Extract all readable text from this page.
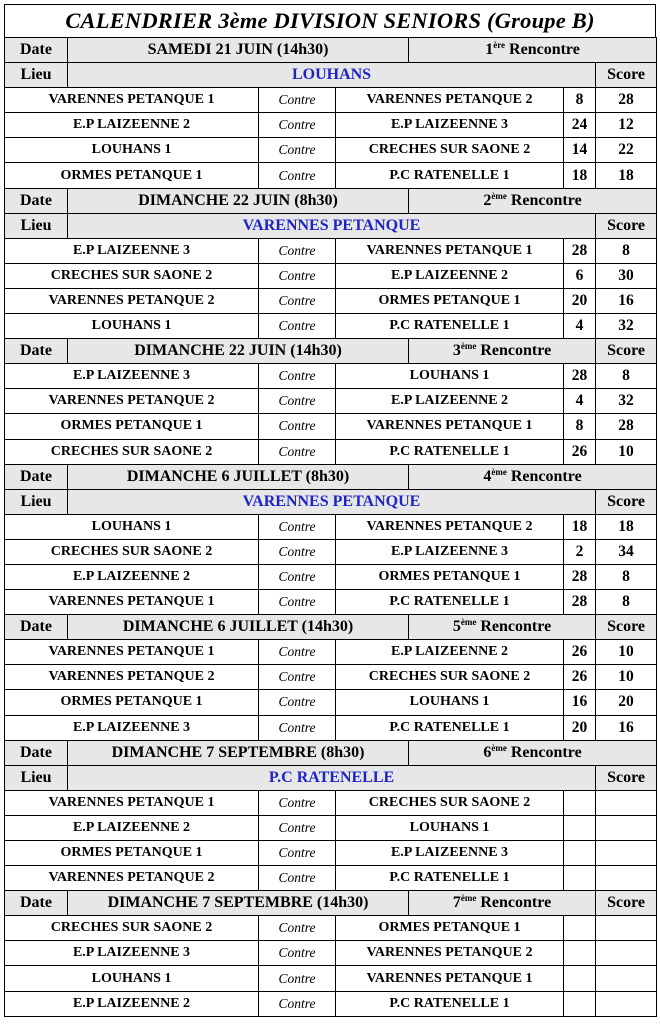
CALENDRIER 3ème DIVISION SENIORS (Groupe B)
Date	SAMEDI 21 JUIN (14h30)			1ère Rencontre		
Lieu	LOUHANS					Score
VARENNES PETANQUE 1		Contre	VARENNES PETANQUE 2		8	28
E.P LAIZEENNE 2		Contre	E.P LAIZEENNE 3		24	12
LOUHANS 1		Contre	CRECHES SUR SAONE 2		14	22
ORMES PETANQUE 1		Contre	P.C RATENELLE 1		18	18
Date	DIMANCHE 22 JUIN (8h30)			2ème Rencontre		
Lieu	VARENNES PETANQUE					Score
E.P LAIZEENNE 3		Contre	VARENNES PETANQUE 1		28	8
CRECHES SUR SAONE 2		Contre	E.P LAIZEENNE 2		6	30
VARENNES PETANQUE 2		Contre	ORMES PETANQUE 1		20	16
LOUHANS 1		Contre	P.C RATENELLE 1		4	32
Date	DIMANCHE 22 JUIN (14h30)			3ème Rencontre		Score
E.P LAIZEENNE 3		Contre	LOUHANS 1		28	8
VARENNES PETANQUE 2		Contre	E.P LAIZEENNE 2		4	32
ORMES PETANQUE 1		Contre	VARENNES PETANQUE 1		8	28
CRECHES SUR SAONE 2		Contre	P.C RATENELLE 1		26	10
Date	DIMANCHE 6 JUILLET (8h30)			4ème Rencontre		
Lieu	VARENNES PETANQUE					Score
LOUHANS 1		Contre	VARENNES PETANQUE 2		18	18
CRECHES SUR SAONE 2		Contre	E.P LAIZEENNE 3		2	34
E.P LAIZEENNE 2		Contre	ORMES PETANQUE 1		28	8
VARENNES PETANQUE 1		Contre	P.C RATENELLE 1		28	8
Date	DIMANCHE 6 JUILLET (14h30)			5ème Rencontre		Score
VARENNES PETANQUE 1		Contre	E.P LAIZEENNE 2		26	10
VARENNES PETANQUE 2		Contre	CRECHES SUR SAONE 2		26	10
ORMES PETANQUE 1		Contre	LOUHANS 1		16	20
E.P LAIZEENNE 3		Contre	P.C RATENELLE 1		20	16
Date	DIMANCHE 7 SEPTEMBRE (8h30)			6ème Rencontre		
Lieu	P.C RATENELLE					Score
VARENNES PETANQUE 1		Contre	CRECHES SUR SAONE 2			
E.P LAIZEENNE 2		Contre	LOUHANS 1			
ORMES PETANQUE 1		Contre	E.P LAIZEENNE 3			
VARENNES PETANQUE 2		Contre	P.C RATENELLE 1			
Date	DIMANCHE 7 SEPTEMBRE (14h30)			7ème Rencontre		Score
CRECHES SUR SAONE 2		Contre	ORMES PETANQUE 1			
E.P LAIZEENNE 3		Contre	VARENNES PETANQUE 2			
LOUHANS 1		Contre	VARENNES PETANQUE 1			
E.P LAIZEENNE 2		Contre	P.C RATENELLE 1			
